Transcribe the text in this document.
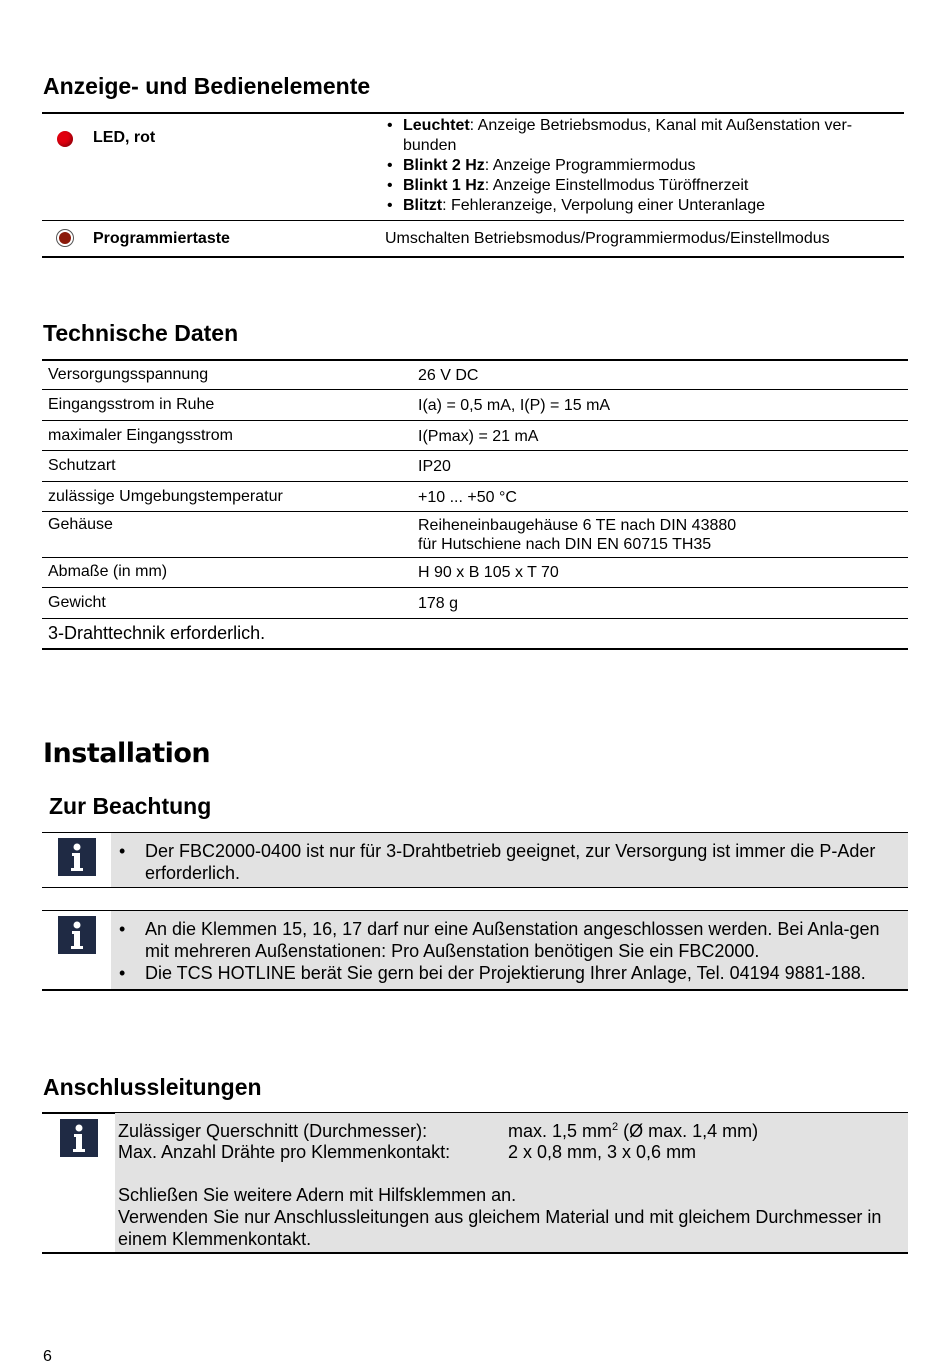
Anzeige- und Bedienelemente
LED, rot
• Leuchtet: Anzeige Betriebsmodus, Kanal mit Außenstation ver-bunden
• Blinkt 2 Hz: Anzeige Programmiermodus
• Blinkt 1 Hz: Anzeige Einstellmodus Türöffnerzeit
• Blitzt: Fehleranzeige, Verpolung einer Unteranlage
Programmiertaste	Umschalten Betriebsmodus/Programmiermodus/Einstellmodus
Technische Daten
Versorgungsspannung	26 V DC
Eingangsstrom in Ruhe	I(a) = 0,5 mA, I(P) = 15 mA
maximaler Eingangsstrom	I(Pmax) = 21 mA
Schutzart	IP20
zulässige Umgebungstemperatur	+10 ... +50 °C
Gehäuse	Reiheneinbaugehäuse 6 TE nach DIN 43880
für Hutschiene nach DIN EN 60715 TH35
Abmaße (in mm)	H 90 x B 105 x T 70
Gewicht	178 g
3-Drahttechnik erforderlich.
Installation
Zur Beachtung
• Der FBC2000-0400 ist nur für 3-Drahtbetrieb geeignet, zur Versorgung ist immer die P-Ader erforderlich.
• An die Klemmen 15, 16, 17 darf nur eine Außenstation angeschlossen werden. Bei Anla-gen mit mehreren Außenstationen: Pro Außenstation benötigen Sie ein FBC2000.
• Die TCS HOTLINE berät Sie gern bei der Projektierung Ihrer Anlage, Tel. 04194 9881-188.
Anschlussleitungen
Zulässiger Querschnitt (Durchmesser):	max. 1,5 $mm^2$ (Ø max. 1,4 mm)
Max. Anzahl Drähte pro Klemmenkontakt:	2 x 0,8 mm, 3 x 0,6 mm
Schließen Sie weitere Adern mit Hilfsklemmen an.
Verwenden Sie nur Anschlussleitungen aus gleichem Material und mit gleichem Durchmesser in einem Klemmenkontakt.
6
